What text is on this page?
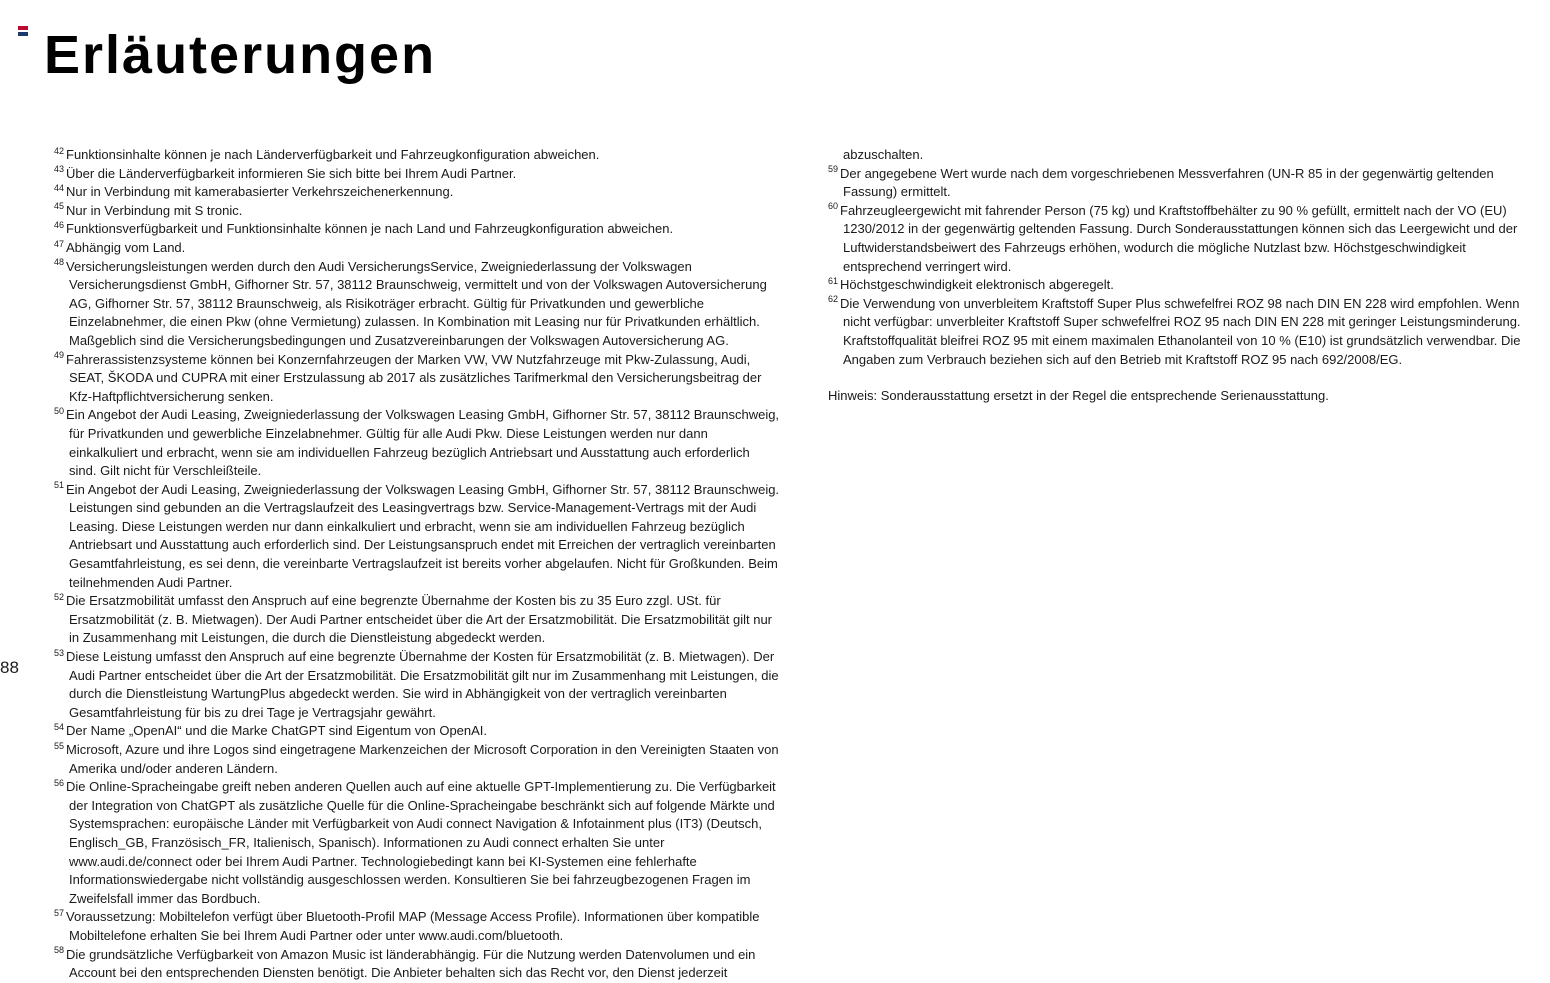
Erläuterungen
88
$^{42}$ Funktionsinhalte können je nach Länderverfügbarkeit und Fahrzeugkonfiguration abweichen.
$^{43}$ Über die Länderverfügbarkeit informieren Sie sich bitte bei Ihrem Audi Partner.
$^{44}$ Nur in Verbindung mit kamerabasierter Verkehrszeichenerkennung.
$^{45}$ Nur in Verbindung mit S tronic.
$^{46}$ Funktionsverfügbarkeit und Funktionsinhalte können je nach Land und Fahrzeugkonfiguration abweichen.
$^{47}$ Abhängig vom Land.
$^{48}$ Versicherungsleistungen werden durch den Audi VersicherungsService, Zweigniederlassung der Volkswagen Versicherungsdienst GmbH, Gifhorner Str. 57, 38112 Braunschweig, vermittelt und von der Volkswagen Autoversicherung AG, Gifhorner Str. 57, 38112 Braunschweig, als Risikoträger erbracht. Gültig für Privatkunden und gewerbliche Einzelabnehmer, die einen Pkw (ohne Vermietung) zulassen. In Kombination mit Leasing nur für Privatkunden erhältlich. Maßgeblich sind die Versicherungsbedingungen und Zusatzvereinbarungen der Volkswagen Autoversicherung AG.
$^{49}$ Fahrerassistenzsysteme können bei Konzernfahrzeugen der Marken VW, VW Nutzfahrzeuge mit Pkw-Zulassung, Audi, SEAT, ŠKODA und CUPRA mit einer Erstzulassung ab 2017 als zusätzliches Tarifmerkmal den Versicherungsbeitrag der Kfz-Haftpflichtversicherung senken.
$^{50}$ Ein Angebot der Audi Leasing, Zweigniederlassung der Volkswagen Leasing GmbH, Gifhorner Str. 57, 38112 Braunschweig, für Privatkunden und gewerbliche Einzelabnehmer. Gültig für alle Audi Pkw. Diese Leistungen werden nur dann einkalkuliert und erbracht, wenn sie am individuellen Fahrzeug bezüglich Antriebsart und Ausstattung auch erforderlich sind. Gilt nicht für Verschleißteile.
$^{51}$ Ein Angebot der Audi Leasing, Zweigniederlassung der Volkswagen Leasing GmbH, Gifhorner Str. 57, 38112 Braunschweig. Leistungen sind gebunden an die Vertragslaufzeit des Leasingvertrags bzw. Service-Management-Vertrags mit der Audi Leasing. Diese Leistungen werden nur dann einkalkuliert und erbracht, wenn sie am individuellen Fahrzeug bezüglich Antriebsart und Ausstattung auch erforderlich sind. Der Leistungsanspruch endet mit Erreichen der vertraglich vereinbarten Gesamtfahrleistung, es sei denn, die vereinbarte Vertragslaufzeit ist bereits vorher abgelaufen. Nicht für Großkunden. Beim teilnehmenden Audi Partner.
$^{52}$ Die Ersatzmobilität umfasst den Anspruch auf eine begrenzte Übernahme der Kosten bis zu 35 Euro zzgl. USt. für Ersatzmobilität (z. B. Mietwagen). Der Audi Partner entscheidet über die Art der Ersatzmobilität. Die Ersatzmobilität gilt nur in Zusammenhang mit Leistungen, die durch die Dienstleistung abgedeckt werden.
$^{53}$ Diese Leistung umfasst den Anspruch auf eine begrenzte Übernahme der Kosten für Ersatzmobilität (z. B. Mietwagen). Der Audi Partner entscheidet über die Art der Ersatzmobilität. Die Ersatzmobilität gilt nur im Zusammenhang mit Leistungen, die durch die Dienstleistung WartungPlus abgedeckt werden. Sie wird in Abhängigkeit von der vertraglich vereinbarten Gesamtfahrleistung für bis zu drei Tage je Vertragsjahr gewährt.
$^{54}$ Der Name „OpenAI“ und die Marke ChatGPT sind Eigentum von OpenAI.
$^{55}$ Microsoft, Azure und ihre Logos sind eingetragene Markenzeichen der Microsoft Corporation in den Vereinigten Staaten von Amerika und/oder anderen Ländern.
$^{56}$ Die Online-Spracheingabe greift neben anderen Quellen auch auf eine aktuelle GPT-Implementierung zu. Die Verfügbarkeit der Integration von ChatGPT als zusätzliche Quelle für die Online-Spracheingabe beschränkt sich auf folgende Märkte und Systemsprachen: europäische Länder mit Verfügbarkeit von Audi connect Navigation & Infotainment plus (IT3) (Deutsch, Englisch_GB, Französisch_FR, Italienisch, Spanisch). Informationen zu Audi connect erhalten Sie unter www.audi.de/connect oder bei Ihrem Audi Partner. Technologiebedingt kann bei KI-Systemen eine fehlerhafte Informationswiedergabe nicht vollständig ausgeschlossen werden. Konsultieren Sie bei fahrzeugbezogenen Fragen im Zweifelsfall immer das Bordbuch.
$^{57}$ Voraussetzung: Mobiltelefon verfügt über Bluetooth-Profil MAP (Message Access Profile). Informationen über kompatible Mobiltelefone erhalten Sie bei Ihrem Audi Partner oder unter www.audi.com/bluetooth.
$^{58}$ Die grundsätzliche Verfügbarkeit von Amazon Music ist länderabhängig. Für die Nutzung werden Datenvolumen und ein Account bei den entsprechenden Diensten benötigt. Die Anbieter behalten sich das Recht vor, den Dienst jederzeit
abzuschalten.
$^{59}$ Der angegebene Wert wurde nach dem vorgeschriebenen Messverfahren (UN-R 85 in der gegenwärtig geltenden Fassung) ermittelt.
$^{60}$ Fahrzeugleergewicht mit fahrender Person (75 kg) und Kraftstoffbehälter zu 90 % gefüllt, ermittelt nach der VO (EU) 1230/2012 in der gegenwärtig geltenden Fassung. Durch Sonderausstattungen können sich das Leergewicht und der Luftwiderstandsbeiwert des Fahrzeugs erhöhen, wodurch die mögliche Nutzlast bzw. Höchstgeschwindigkeit entsprechend verringert wird.
$^{61}$ Höchstgeschwindigkeit elektronisch abgeregelt.
$^{62}$ Die Verwendung von unverbleitem Kraftstoff Super Plus schwefelfrei ROZ 98 nach DIN EN 228 wird empfohlen. Wenn nicht verfügbar: unverbleiter Kraftstoff Super schwefelfrei ROZ 95 nach DIN EN 228 mit geringer Leistungsminderung. Kraftstoffqualität bleifrei ROZ 95 mit einem maximalen Ethanolanteil von 10 % (E10) ist grundsätzlich verwendbar. Die Angaben zum Verbrauch beziehen sich auf den Betrieb mit Kraftstoff ROZ 95 nach 692/2008/EG.
Hinweis: Sonderausstattung ersetzt in der Regel die entsprechende Serienausstattung.
